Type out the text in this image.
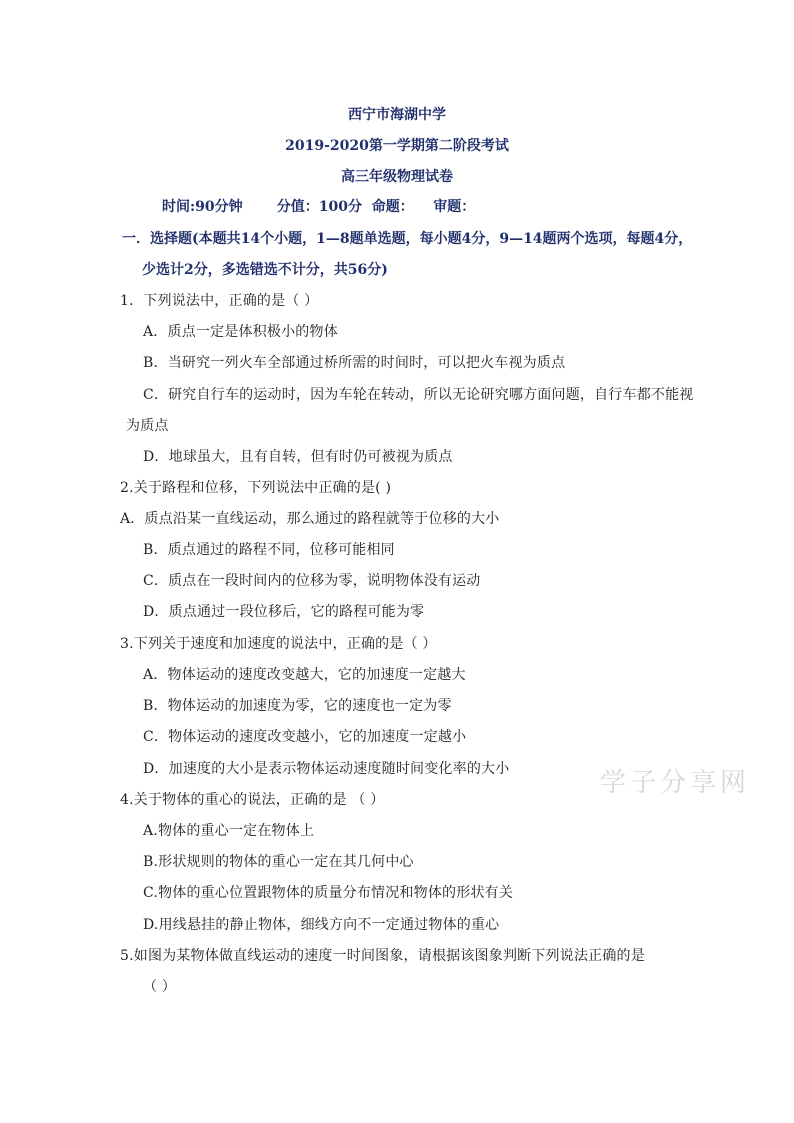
西宁市海湖中学
2019-2020第一学期第二阶段考试
高三年级物理试卷
时间:90分钟       分值：100分  命题：    审题：
一．选择题(本题共14个小题，1—8题单选题，每小题4分，9—14题两个选项，每题4分，
少选计2分，多选错选不计分，共56分)
1．下列说法中，正确的是（ ）
A．质点一定是体积极小的物体
B．当研究一列火车全部通过桥所需的时间时，可以把火车视为质点
C．研究自行车的运动时，因为车轮在转动，所以无论研究哪方面问题，自行车都不能视
为质点
D．地球虽大，且有自转，但有时仍可被视为质点
2.关于路程和位移，下列说法中正确的是( )
A．质点沿某一直线运动，那么通过的路程就等于位移的大小
B．质点通过的路程不同，位移可能相同
C．质点在一段时间内的位移为零，说明物体没有运动
D．质点通过一段位移后，它的路程可能为零
3.下列关于速度和加速度的说法中，正确的是（ ）
A．物体运动的速度改变越大，它的加速度一定越大
B．物体运动的加速度为零，它的速度也一定为零
C．物体运动的速度改变越小，它的加速度一定越小
D．加速度的大小是表示物体运动速度随时间变化率的大小
4.关于物体的重心的说法，正确的是 （ ）
A.物体的重心一定在物体上
B.形状规则的物体的重心一定在其几何中心
C.物体的重心位置跟物体的质量分布情况和物体的形状有关
D.用线悬挂的静止物体，细线方向不一定通过物体的重心
5.如图为某物体做直线运动的速度一时间图象，请根据该图象判断下列说法正确的是
（ ）
学子分享网
